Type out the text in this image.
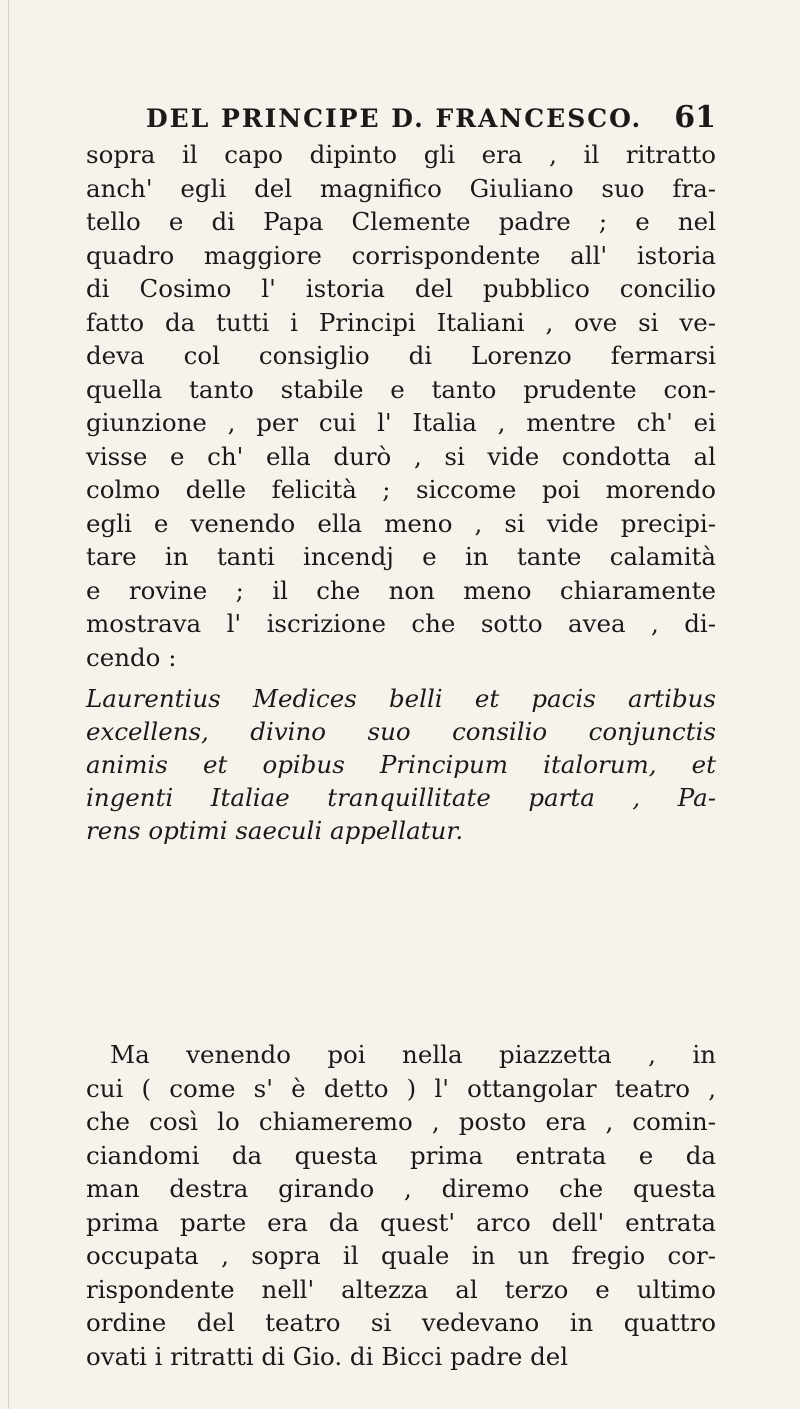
DEL PRINCIPE D. FRANCESCO. 61
sopra il capo dipinto gli era , il ritratto
anch' egli del magnifico Giuliano suo fra-
tello e di Papa Clemente padre ; e nel
quadro maggiore corrispondente all' istoria
di Cosimo l' istoria del pubblico concilio
fatto da tutti i Principi Italiani , ove si ve-
deva col consiglio di Lorenzo fermarsi
quella tanto stabile e tanto prudente con-
giunzione , per cui l' Italia , mentre ch' ei
visse e ch' ella durò , si vide condotta al
colmo delle felicità ; siccome poi morendo
egli e venendo ella meno , si vide precipi-
tare in tanti incendj e in tante calamità
e rovine ; il che non meno chiaramente
mostrava l' iscrizione che sotto avea , di-
cendo :
Laurentius Medices belli et pacis artibus
excellens, divino suo consilio conjunctis
animis et opibus Principum italorum, et
ingenti Italiae tranquillitate parta , Pa-
rens optimi saeculi appellatur.
Ma venendo poi nella piazzetta , in
cui ( come s' è detto ) l' ottangolar teatro ,
che così lo chiameremo , posto era , comin-
ciandomi da questa prima entrata e da
man destra girando , diremo che questa
prima parte era da quest' arco dell' entrata
occupata , sopra il quale in un fregio cor-
rispondente nell' altezza al terzo e ultimo
ordine del teatro si vedevano in quattro
ovati i ritratti di Gio. di Bicci padre del
